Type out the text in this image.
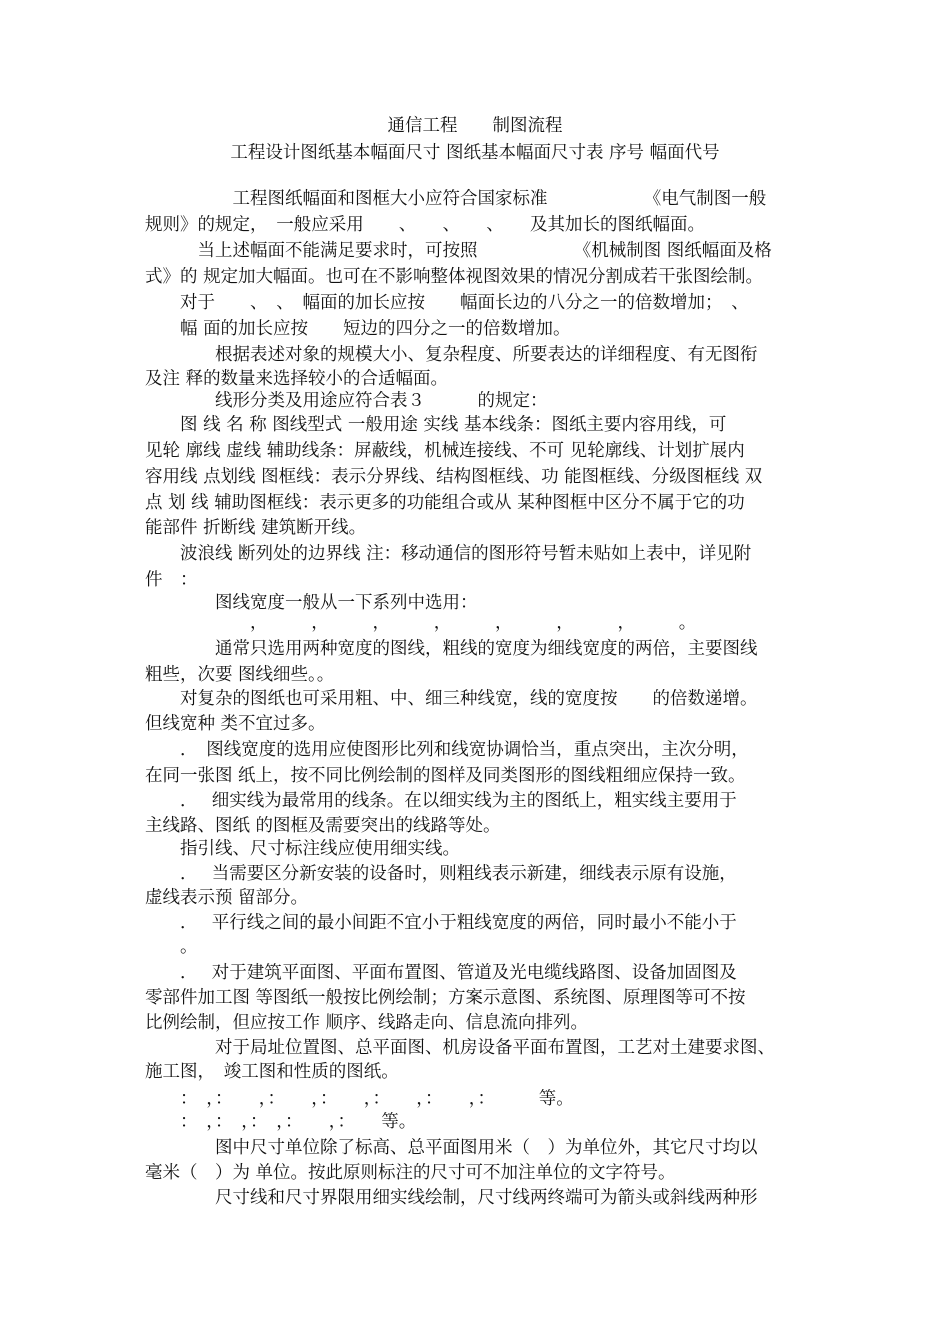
通信工程　　制图流程
工程设计图纸基本幅面尺寸 图纸基本幅面尺寸表 序号 幅面代号
　　　　　工程图纸幅面和图框大小应符合国家标准　　　　　　《电气制图一般
规则》的规定，　一般应采用　　、　　、　　、　　及其加长的图纸幅面。
　　　当上述幅面不能满足要求时，可按照　　　　　　《机械制图 图纸幅面及格
式》的 规定加大幅面。也可在不影响整体视图效果的情况分割成若干张图绘制。
　　对于　　、　、　幅面的加长应按　　幅面长边的八分之一的倍数增加；　、
　　幅 面的加长应按　　短边的四分之一的倍数增加。
　　　　根据表述对象的规模大小、复杂程度、所要表达的详细程度、有无图衔
及注 释的数量来选择较小的合适幅面。
　　　　线形分类及用途应符合表３　　　的规定：
　　图 线 名 称 图线型式 一般用途 实线 基本线条：图纸主要内容用线，可
见轮 廓线 虚线 辅助线条：屏蔽线，机械连接线、不可 见轮廓线、计划扩展内
容用线 点划线 图框线：表示分界线、结构图框线、功 能图框线、分级图框线 双
点 划 线 辅助图框线：表示更多的功能组合或从 某种图框中区分不属于它的功
能部件 折断线 建筑断开线。
　　波浪线 断列处的边界线 注：移动通信的图形符号暂未贴如上表中，详见附
件　：
　　　　图线宽度一般从一下系列中选用：
　　　　　　，　　　，　　　，　　　，　　　，　　　，　　　，　　　。
　　　　通常只选用两种宽度的图线，粗线的宽度为细线宽度的两倍，主要图线
粗些，次要 图线细些。。
　　对复杂的图纸也可采用粗、中、细三种线宽，线的宽度按　　的倍数递增。
但线宽种 类不宜过多。
　　．　图线宽度的选用应使图形比列和线宽协调恰当，重点突出，主次分明，
在同一张图 纸上，按不同比例绘制的图样及同类图形的图线粗细应保持一致。
　　．　 细实线为最常用的线条。在以细实线为主的图纸上，粗实线主要用于
主线路、图纸 的图框及需要突出的线路等处。
　　指引线、尺寸标注线应使用细实线。
　　．　 当需要区分新安装的设备时，则粗线表示新建，细线表示原有设施，
虚线表示预 留部分。
　　．　 平行线之间的最小间距不宜小于粗线宽度的两倍，同时最小不能小于
　　。
　　．　 对于建筑平面图、平面布置图、管道及光电缆线路图、设备加固图及
零部件加工图 等图纸一般按比例绘制；方案示意图、系统图、原理图等可不按
比例绘制，但应按工作 顺序、线路走向、信息流向排列。
　　　　对于局址位置图、总平面图、机房设备平面布置图，工艺对土建要求图、
施工图，　竣工图和性质的图纸。
　　：　，：　　，：　　，：　　，：　　，：　　，：　　　等。
　　：　，：　，：　，：　　，：　　等。
　　　　图中尺寸单位除了标高、总平面图用米（　）为单位外，其它尺寸均以
毫米（　）为 单位。按此原则标注的尺寸可不加注单位的文字符号。
　　　　尺寸线和尺寸界限用细实线绘制，尺寸线两终端可为箭头或斜线两种形
